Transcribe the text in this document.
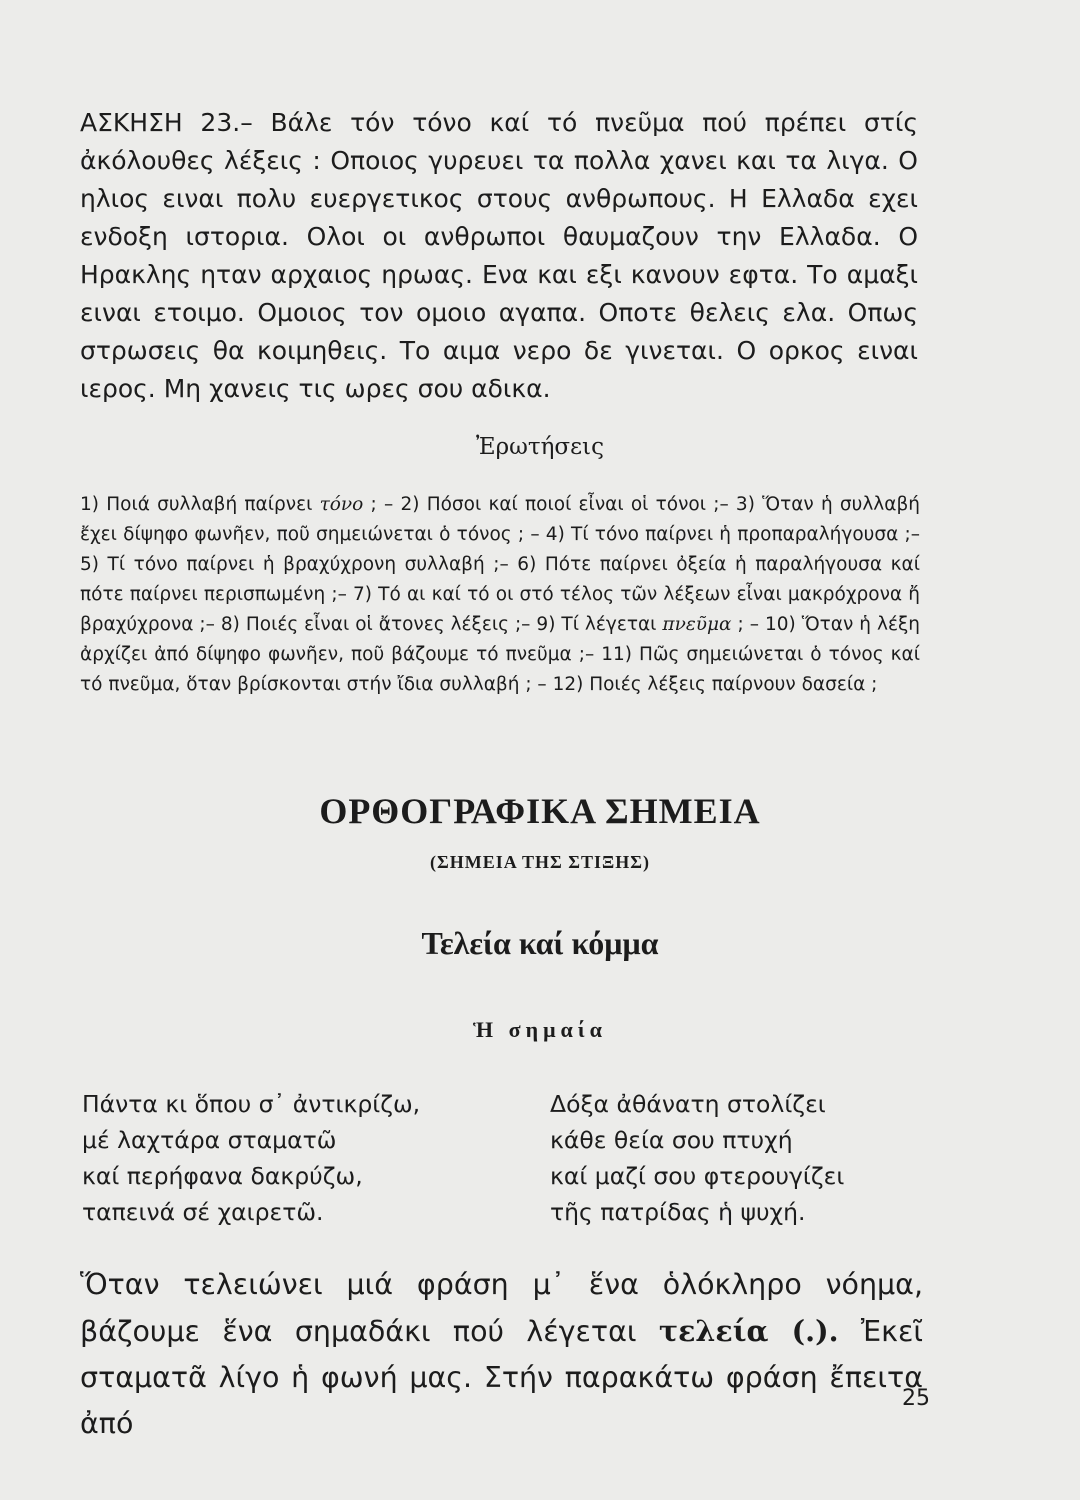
ΑΣΚΗΣΗ 23.– Βάλε τόν τόνο καί τό πνεῦμα πού πρέπει στίς ἀκόλουθες λέξεις : Οποιος γυρευει τα πολλα χανει και τα λιγα. Ο ηλιος ειναι πολυ ευεργετικος στους ανθρωπους. Η Ελλαδα εχει ενδοξη ιστορια. Ολοι οι ανθρωποι θαυμαζουν την Ελλαδα. Ο Ηρακλης ηταν αρχαιος ηρωας. Ενα και εξι κανουν εφτα. Το αμαξι ειναι ετοιμο. Ομοιος τον ομοιο αγαπα. Οποτε θελεις ελα. Οπως στρωσεις θα κοιμηθεις. Το αιμα νερο δε γινεται. Ο ορκος ειναι ιερος. Μη χανεις τις ωρες σου αδικα.

Ἐρωτήσεις

1) Ποιά συλλαβή παίρνει τόνο ; – 2) Πόσοι καί ποιοί εἶναι οἱ τόνοι ;– 3) Ὅταν ἡ συλλαβή ἔχει δίψηφο φωνῆεν, ποῦ σημειώνεται ὁ τόνος ; – 4) Τί τόνο παίρνει ἡ προπαραλήγουσα ;– 5) Τί τόνο παίρνει ἡ βραχύχρονη συλλαβή ;– 6) Πότε παίρνει ὀξεία ἡ παραλήγουσα καί πότε παίρνει περισπωμένη ;– 7) Τό αι καί τό οι στό τέλος τῶν λέξεων εἶναι μακρόχρονα ἤ βραχύχρονα ;– 8) Ποιές εἶναι οἱ ἄτονες λέξεις ;– 9) Τί λέγεται πνεῦμα ; – 10) Ὅταν ἡ λέξη ἀρχίζει ἀπό δίψηφο φωνῆεν, ποῦ βάζουμε τό πνεῦμα ;– 11) Πῶς σημειώνεται ὁ τόνος καί τό πνεῦμα, ὅταν βρίσκονται στήν ἴδια συλλαβή ; – 12) Ποιές λέξεις παίρνουν δασεία ;

ΟΡΘΟΓΡΑΦΙΚΑ ΣΗΜΕΙΑ
(ΣΗΜΕΙΑ ΤΗΣ ΣΤΙΞΗΣ)
Τελεία καί κόμμα
Ἡ σημαία
Πάντα κι ὅπου σ᾽ ἀντικρίζω,
μέ λαχτάρα σταματῶ
καί περήφανα δακρύζω,
ταπεινά σέ χαιρετῶ.
Δόξα ἀθάνατη στολίζει
κάθε θεία σου πτυχή
καί μαζί σου φτερουγίζει
τῆς πατρίδας ἡ ψυχή.

Ὅταν τελειώνει μιά φράση μ᾽ ἕνα ὁλόκληρο νόημα, βάζουμε ἕνα σημαδάκι πού λέγεται τελεία (.). Ἐκεῖ σταματᾶ λίγο ἡ φωνή μας. Στήν παρακάτω φράση ἔπειτα ἀπό

25
